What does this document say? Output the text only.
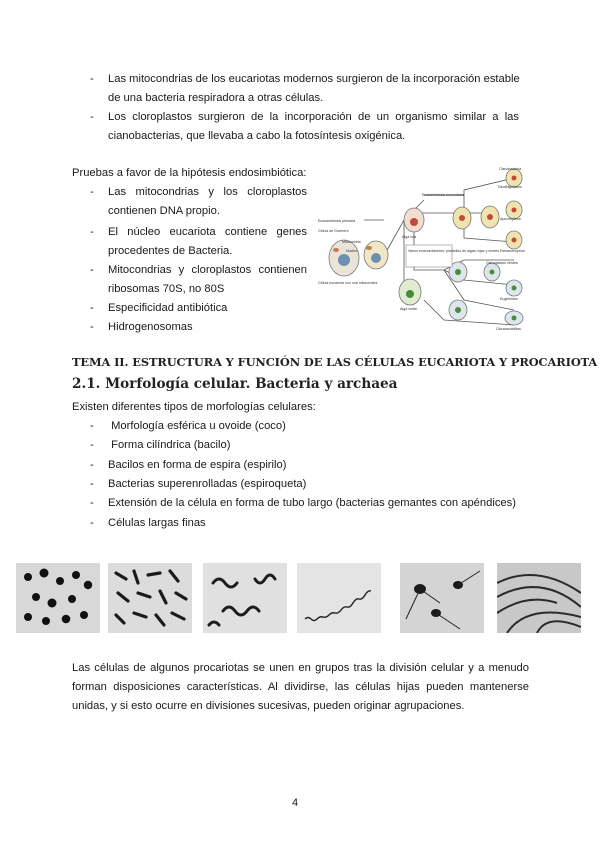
- Las mitocondrias de los eucariotas modernos surgieron de la incorporación estable
de una bacteria respiradora a otras células.
- Los cloroplastos surgieron de la incorporación de un organismo similar a las
cianobacterias, que llevaba a cabo la fotosíntesis oxigénica.
Pruebas a favor de la hipótesis endosimbiótica:
- Las mitocondrias y los cloroplastos
contienen DNA propio.
- El núcleo eucariota contiene genes
procedentes de Bacteria.
- Mitocondrias y cloroplastos contienen
ribosomas 70S, no 80S
- Especificidad antibiótica
- Hidrogenosomas
Cianobacteria
Endosimbiosis primaria
Endosimbiosis secundaria
Célula de Guerrero
Mitocondria
Núcleo
Célula eucariota con una mitocondria
Alga roja
Alga verde
Varios endosimbiontes: plastidios de algas rojas y verdes
Dinoflagelados
Apicomplexa
Estramenópilos
Cloroplastos verdes
Euglénidos
Cloraracniófitas
TEMA II. ESTRUCTURA Y FUNCIÓN DE LAS CÉLULAS EUCARIOTA Y PROCARIOTA
2.1. Morfología celular. Bacteria y archaea
Existen diferentes tipos de morfologías celulares:
- Morfología esférica u ovoide (coco)
- Forma cilíndrica (bacilo)
- Bacilos en forma de espira (espirilo)
- Bacterias superenrolladas (espiroqueta)
- Extensión de la célula en forma de tubo largo (bacterias gemantes con apéndices)
- Células largas finas
Las células de algunos procariotas se unen en grupos tras la división celular y a menudo
forman disposiciones características. Al dividirse, las células hijas pueden mantenerse
unidas, y si esto ocurre en divisiones sucesivas, pueden originar agrupaciones.
4
